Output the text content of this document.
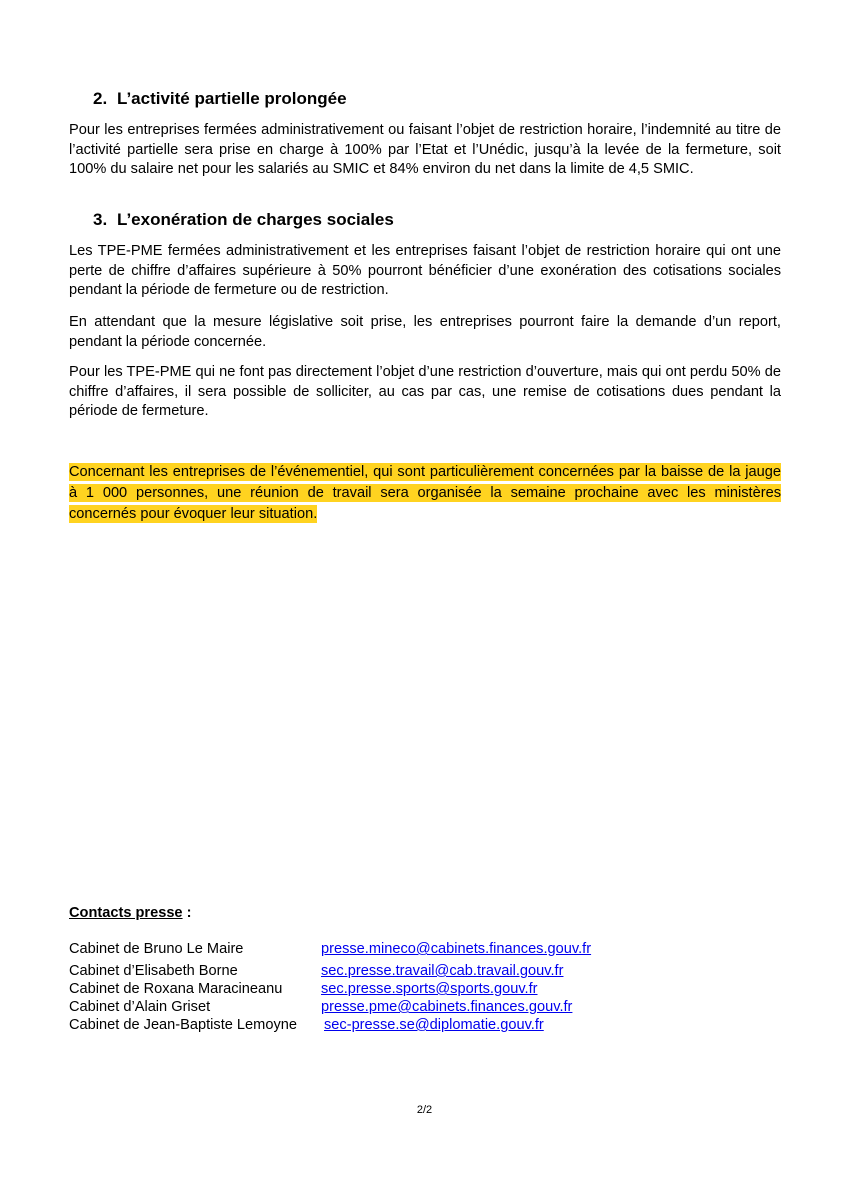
2. L’activité partielle prolongée
Pour les entreprises fermées administrativement ou faisant l’objet de restriction horaire, l’indemnité au titre de l’activité partielle sera prise en charge à 100% par l’Etat et l’Unédic, jusqu’à la levée de la fermeture, soit 100% du salaire net pour les salariés au SMIC et 84% environ du net dans la limite de 4,5 SMIC.
3. L’exonération de charges sociales
Les TPE-PME fermées administrativement et les entreprises faisant l’objet de restriction horaire qui ont une perte de chiffre d’affaires supérieure à 50% pourront bénéficier d’une exonération des cotisations sociales pendant la période de fermeture ou de restriction.
En attendant que la mesure législative soit prise, les entreprises pourront faire la demande d’un report, pendant la période concernée.
Pour les TPE-PME qui ne font pas directement l’objet d’une restriction d’ouverture, mais qui ont perdu 50% de chiffre d’affaires, il sera possible de solliciter, au cas par cas, une remise de cotisations dues pendant la période de fermeture.
Concernant les entreprises de l’événementiel, qui sont particulièrement concernées par la baisse de la jauge à 1 000 personnes, une réunion de travail sera organisée la semaine prochaine avec les ministères concernés pour évoquer leur situation.
Contacts presse :
Cabinet de Bruno Le Maire	presse.mineco@cabinets.finances.gouv.fr
Cabinet d’Elisabeth Borne	sec.presse.travail@cab.travail.gouv.fr
Cabinet de Roxana Maracineanu	sec.presse.sports@sports.gouv.fr
Cabinet d’Alain Griset	presse.pme@cabinets.finances.gouv.fr
Cabinet de Jean-Baptiste Lemoyne sec-presse.se@diplomatie.gouv.fr
2/2
